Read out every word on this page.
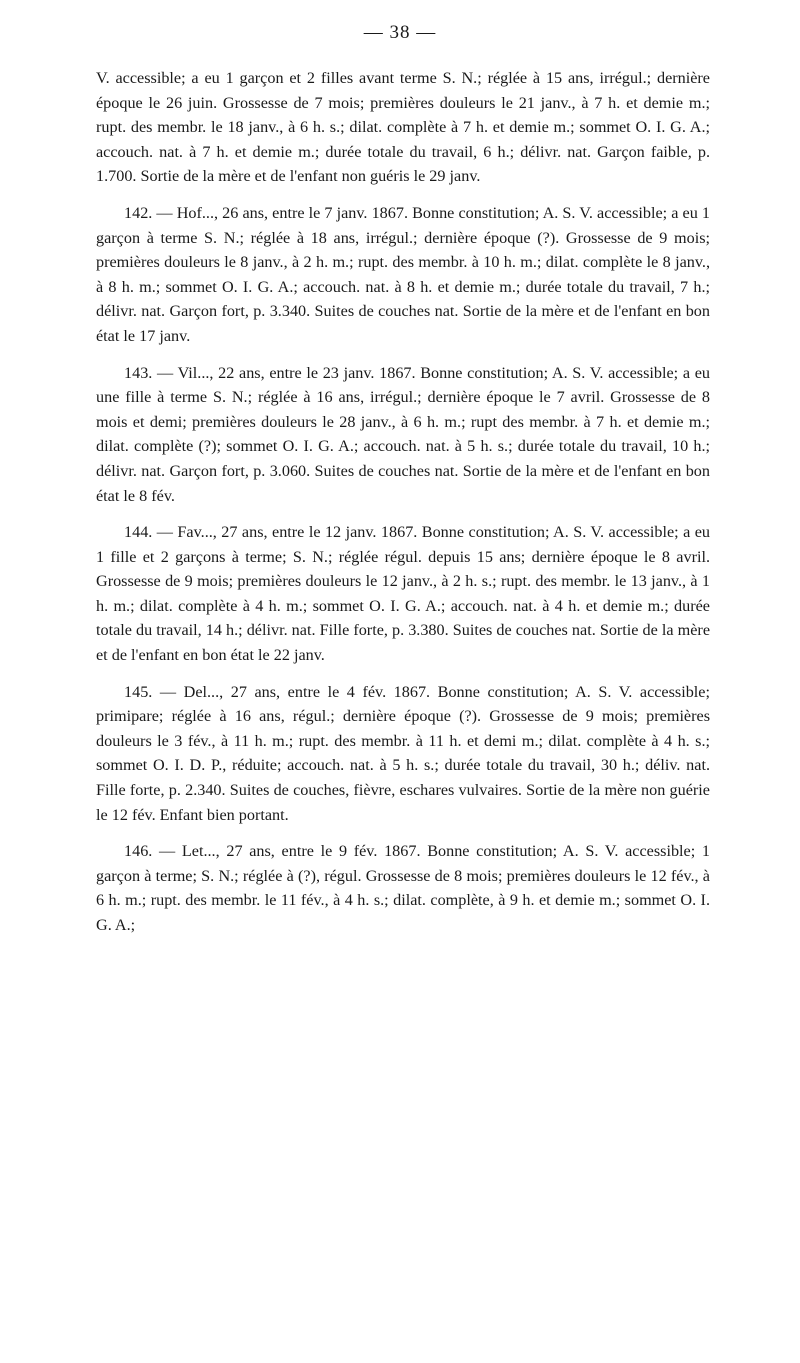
— 38 —

V. accessible; a eu 1 garçon et 2 filles avant terme S. N.; réglée à 15 ans, irrégul.; dernière époque le 26 juin. Grossesse de 7 mois; premières douleurs le 21 janv., à 7 h. et demie m.; rupt. des membr. le 18 janv., à 6 h. s.; dilat. complète à 7 h. et demie m.; sommet O. I. G. A.; accouch. nat. à 7 h. et demie m.; durée totale du travail, 6 h.; délivr. nat. Garçon faible, p. 1.700. Sortie de la mère et de l'enfant non guéris le 29 janv.

142. — Hof..., 26 ans, entre le 7 janv. 1867. Bonne constitution; A. S. V. accessible; a eu 1 garçon à terme S. N.; réglée à 18 ans, irrégul.; dernière époque (?). Grossesse de 9 mois; premières douleurs le 8 janv., à 2 h. m.; rupt. des membr. à 10 h. m.; dilat. complète le 8 janv., à 8 h. m.; sommet O. I. G. A.; accouch. nat. à 8 h. et demie m.; durée totale du travail, 7 h.; délivr. nat. Garçon fort, p. 3.340. Suites de couches nat. Sortie de la mère et de l'enfant en bon état le 17 janv.

143. — Vil..., 22 ans, entre le 23 janv. 1867. Bonne constitution; A. S. V. accessible; a eu une fille à terme S. N.; réglée à 16 ans, irrégul.; dernière époque le 7 avril. Grossesse de 8 mois et demi; premières douleurs le 28 janv., à 6 h. m.; rupt des membr. à 7 h. et demie m.; dilat. complète (?); sommet O. I. G. A.; accouch. nat. à 5 h. s.; durée totale du travail, 10 h.; délivr. nat. Garçon fort, p. 3.060. Suites de couches nat. Sortie de la mère et de l'enfant en bon état le 8 fév.

144. — Fav..., 27 ans, entre le 12 janv. 1867. Bonne constitution; A. S. V. accessible; a eu 1 fille et 2 garçons à terme; S. N.; réglée régul. depuis 15 ans; dernière époque le 8 avril. Grossesse de 9 mois; premières douleurs le 12 janv., à 2 h. s.; rupt. des membr. le 13 janv., à 1 h. m.; dilat. complète à 4 h. m.; sommet O. I. G. A.; accouch. nat. à 4 h. et demie m.; durée totale du travail, 14 h.; délivr. nat. Fille forte, p. 3.380. Suites de couches nat. Sortie de la mère et de l'enfant en bon état le 22 janv.

145. — Del..., 27 ans, entre le 4 fév. 1867. Bonne constitution; A. S. V. accessible; primipare; réglée à 16 ans, régul.; dernière époque (?). Grossesse de 9 mois; premières douleurs le 3 fév., à 11 h. m.; rupt. des membr. à 11 h. et demi m.; dilat. complète à 4 h. s.; sommet O. I. D. P., réduite; accouch. nat. à 5 h. s.; durée totale du travail, 30 h.; déliv. nat. Fille forte, p. 2.340. Suites de couches, fièvre, eschares vulvaires. Sortie de la mère non guérie le 12 fév. Enfant bien portant.

146. — Let..., 27 ans, entre le 9 fév. 1867. Bonne constitution; A. S. V. accessible; 1 garçon à terme; S. N.; réglée à (?), régul. Grossesse de 8 mois; premières douleurs le 12 fév., à 6 h. m.; rupt. des membr. le 11 fév., à 4 h. s.; dilat. complète, à 9 h. et demie m.; sommet O. I. G. A.;
